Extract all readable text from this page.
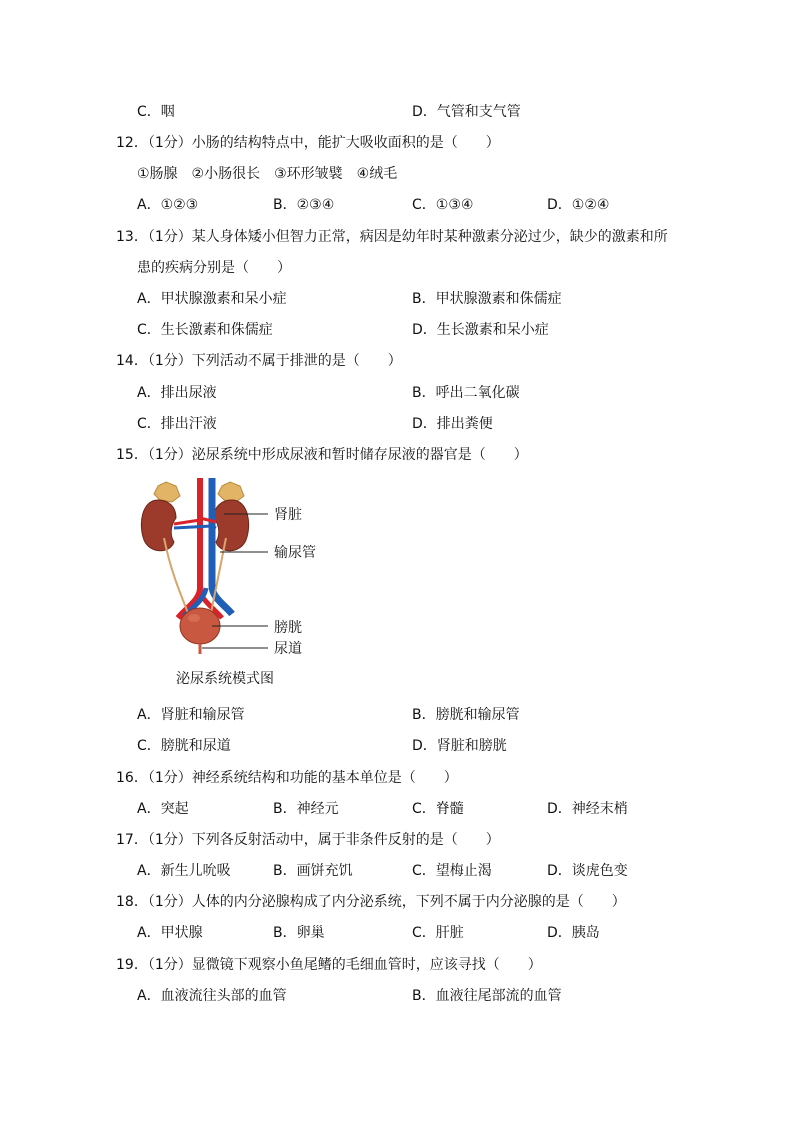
C．咽	D．气管和支气管
12．（1分）小肠的结构特点中，能扩大吸收面积的是（　　）
①肠腺　②小肠很长　③环形皱襞　④绒毛
A．①②③	B．②③④	C．①③④	D．①②④
13．（1分）某人身体矮小但智力正常，病因是幼年时某种激素分泌过少，缺少的激素和所
患的疾病分别是（　　）
A．甲状腺激素和呆小症	B．甲状腺激素和侏儒症
C．生长激素和侏儒症	D．生长激素和呆小症
14．（1分）下列活动不属于排泄的是（　　）
A．排出尿液	B．呼出二氧化碳
C．排出汗液	D．排出粪便
15．（1分）泌尿系统中形成尿液和暂时储存尿液的器官是（　　）
肾脏
输尿管
膀胱
尿道
泌尿系统模式图
A．肾脏和输尿管	B．膀胱和输尿管
C．膀胱和尿道	D．肾脏和膀胱
16．（1分）神经系统结构和功能的基本单位是（　　）
A．突起	B．神经元	C．脊髓	D．神经末梢
17．（1分）下列各反射活动中，属于非条件反射的是（　　）
A．新生儿吮吸	B．画饼充饥	C．望梅止渴	D．谈虎色变
18．（1分）人体的内分泌腺构成了内分泌系统，下列不属于内分泌腺的是（　　）
A．甲状腺	B．卵巢	C．肝脏	D．胰岛
19．（1分）显微镜下观察小鱼尾鳍的毛细血管时，应该寻找（　　）
A．血液流往头部的血管	B．血液往尾部流的血管
